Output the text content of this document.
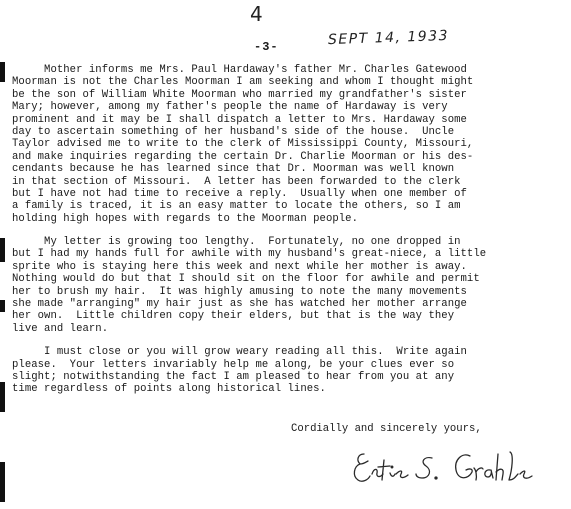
4
-3-	SEPT 14, 1933
Mother informs me Mrs. Paul Hardaway's father Mr. Charles Gatewood
Moorman is not the Charles Moorman I am seeking and whom I thought might
be the son of William White Moorman who married my grandfather's sister
Mary; however, among my father's people the name of Hardaway is very
prominent and it may be I shall dispatch a letter to Mrs. Hardaway some
day to ascertain something of her husband's side of the house.  Uncle
Taylor advised me to write to the clerk of Mississippi County, Missouri,
and make inquiries regarding the certain Dr. Charlie Moorman or his des-
cendants because he has learned since that Dr. Moorman was well known
in that section of Missouri.  A letter has been forwarded to the clerk
but I have not had time to receive a reply.  Usually when one member of
a family is traced, it is an easy matter to locate the others, so I am
holding high hopes with regards to the Moorman people.
My letter is growing too lengthy.  Fortunately, no one dropped in
but I had my hands full for awhile with my husband's great-niece, a little
sprite who is staying here this week and next while her mother is away.
Nothing would do but that I should sit on the floor for awhile and permit
her to brush my hair.  It was highly amusing to note the many movements
she made "arranging" my hair just as she has watched her mother arrange
her own.  Little children copy their elders, but that is the way they
live and learn.
I must close or you will grow weary reading all this.  Write again
please.  Your letters invariably help me along, be your clues ever so
slight; notwithstanding the fact I am pleased to hear from you at any
time regardless of points along historical lines.
Cordially and sincerely yours,
